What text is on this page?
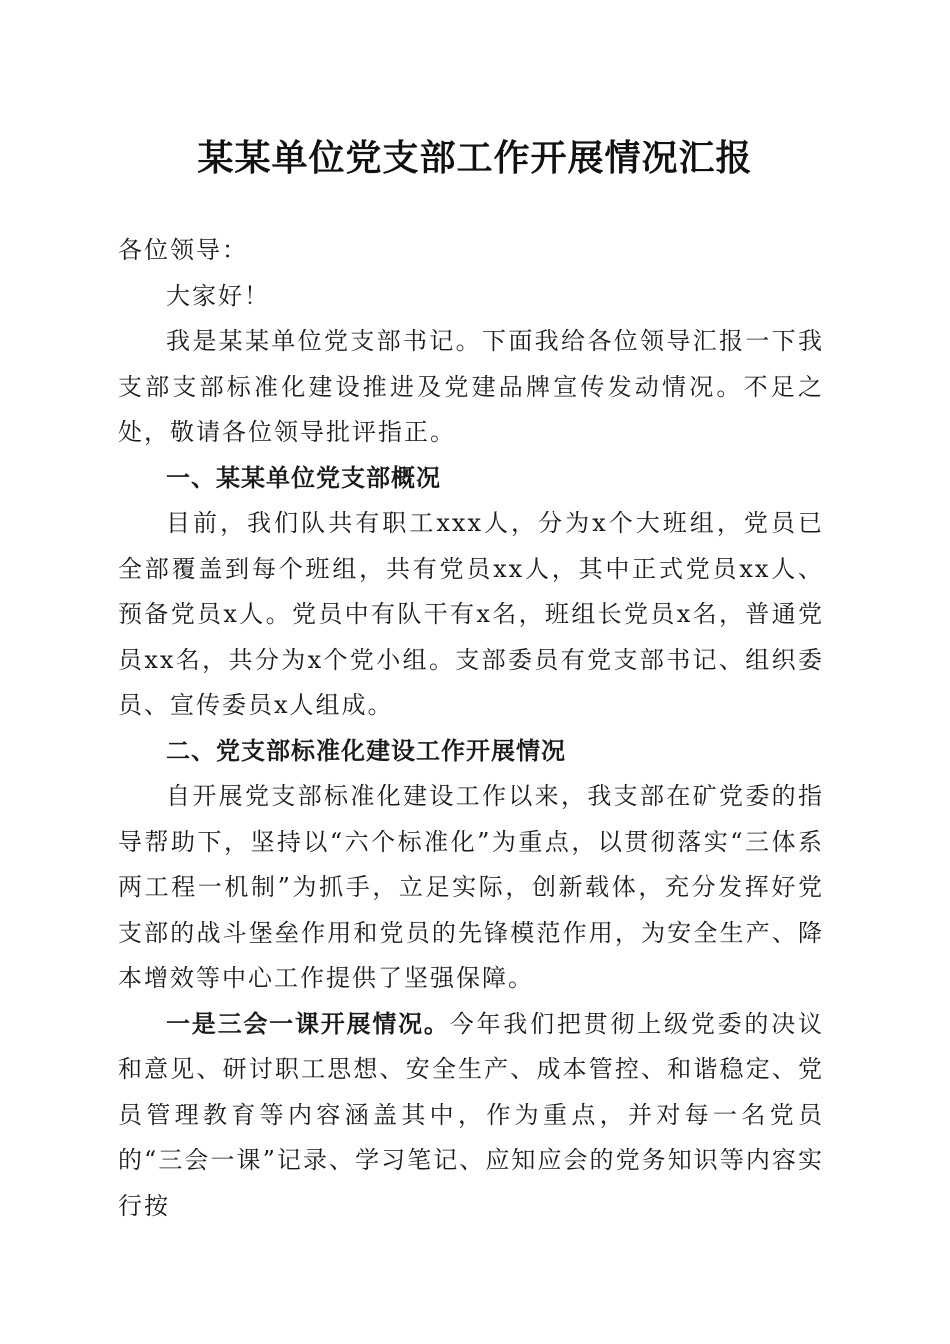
某某单位党支部工作开展情况汇报

各位领导：

大家好！

我是某某单位党支部书记。下面我给各位领导汇报一下我支部支部标准化建设推进及党建品牌宣传发动情况。不足之处，敬请各位领导批评指正。

一、某某单位党支部概况

目前，我们队共有职工xxx人，分为x个大班组，党员已全部覆盖到每个班组，共有党员xx人，其中正式党员xx人、预备党员x人。党员中有队干有x名，班组长党员x名，普通党员xx名，共分为x个党小组。支部委员有党支部书记、组织委员、宣传委员x人组成。

二、党支部标准化建设工作开展情况

自开展党支部标准化建设工作以来，我支部在矿党委的指导帮助下，坚持以“六个标准化”为重点，以贯彻落实“三体系两工程一机制”为抓手，立足实际，创新载体，充分发挥好党支部的战斗堡垒作用和党员的先锋模范作用，为安全生产、降本增效等中心工作提供了坚强保障。

一是三会一课开展情况。今年我们把贯彻上级党委的决议和意见、研讨职工思想、安全生产、成本管控、和谐稳定、党员管理教育等内容涵盖其中，作为重点，并对每一名党员的“三会一课”记录、学习笔记、应知应会的党务知识等内容实行按
